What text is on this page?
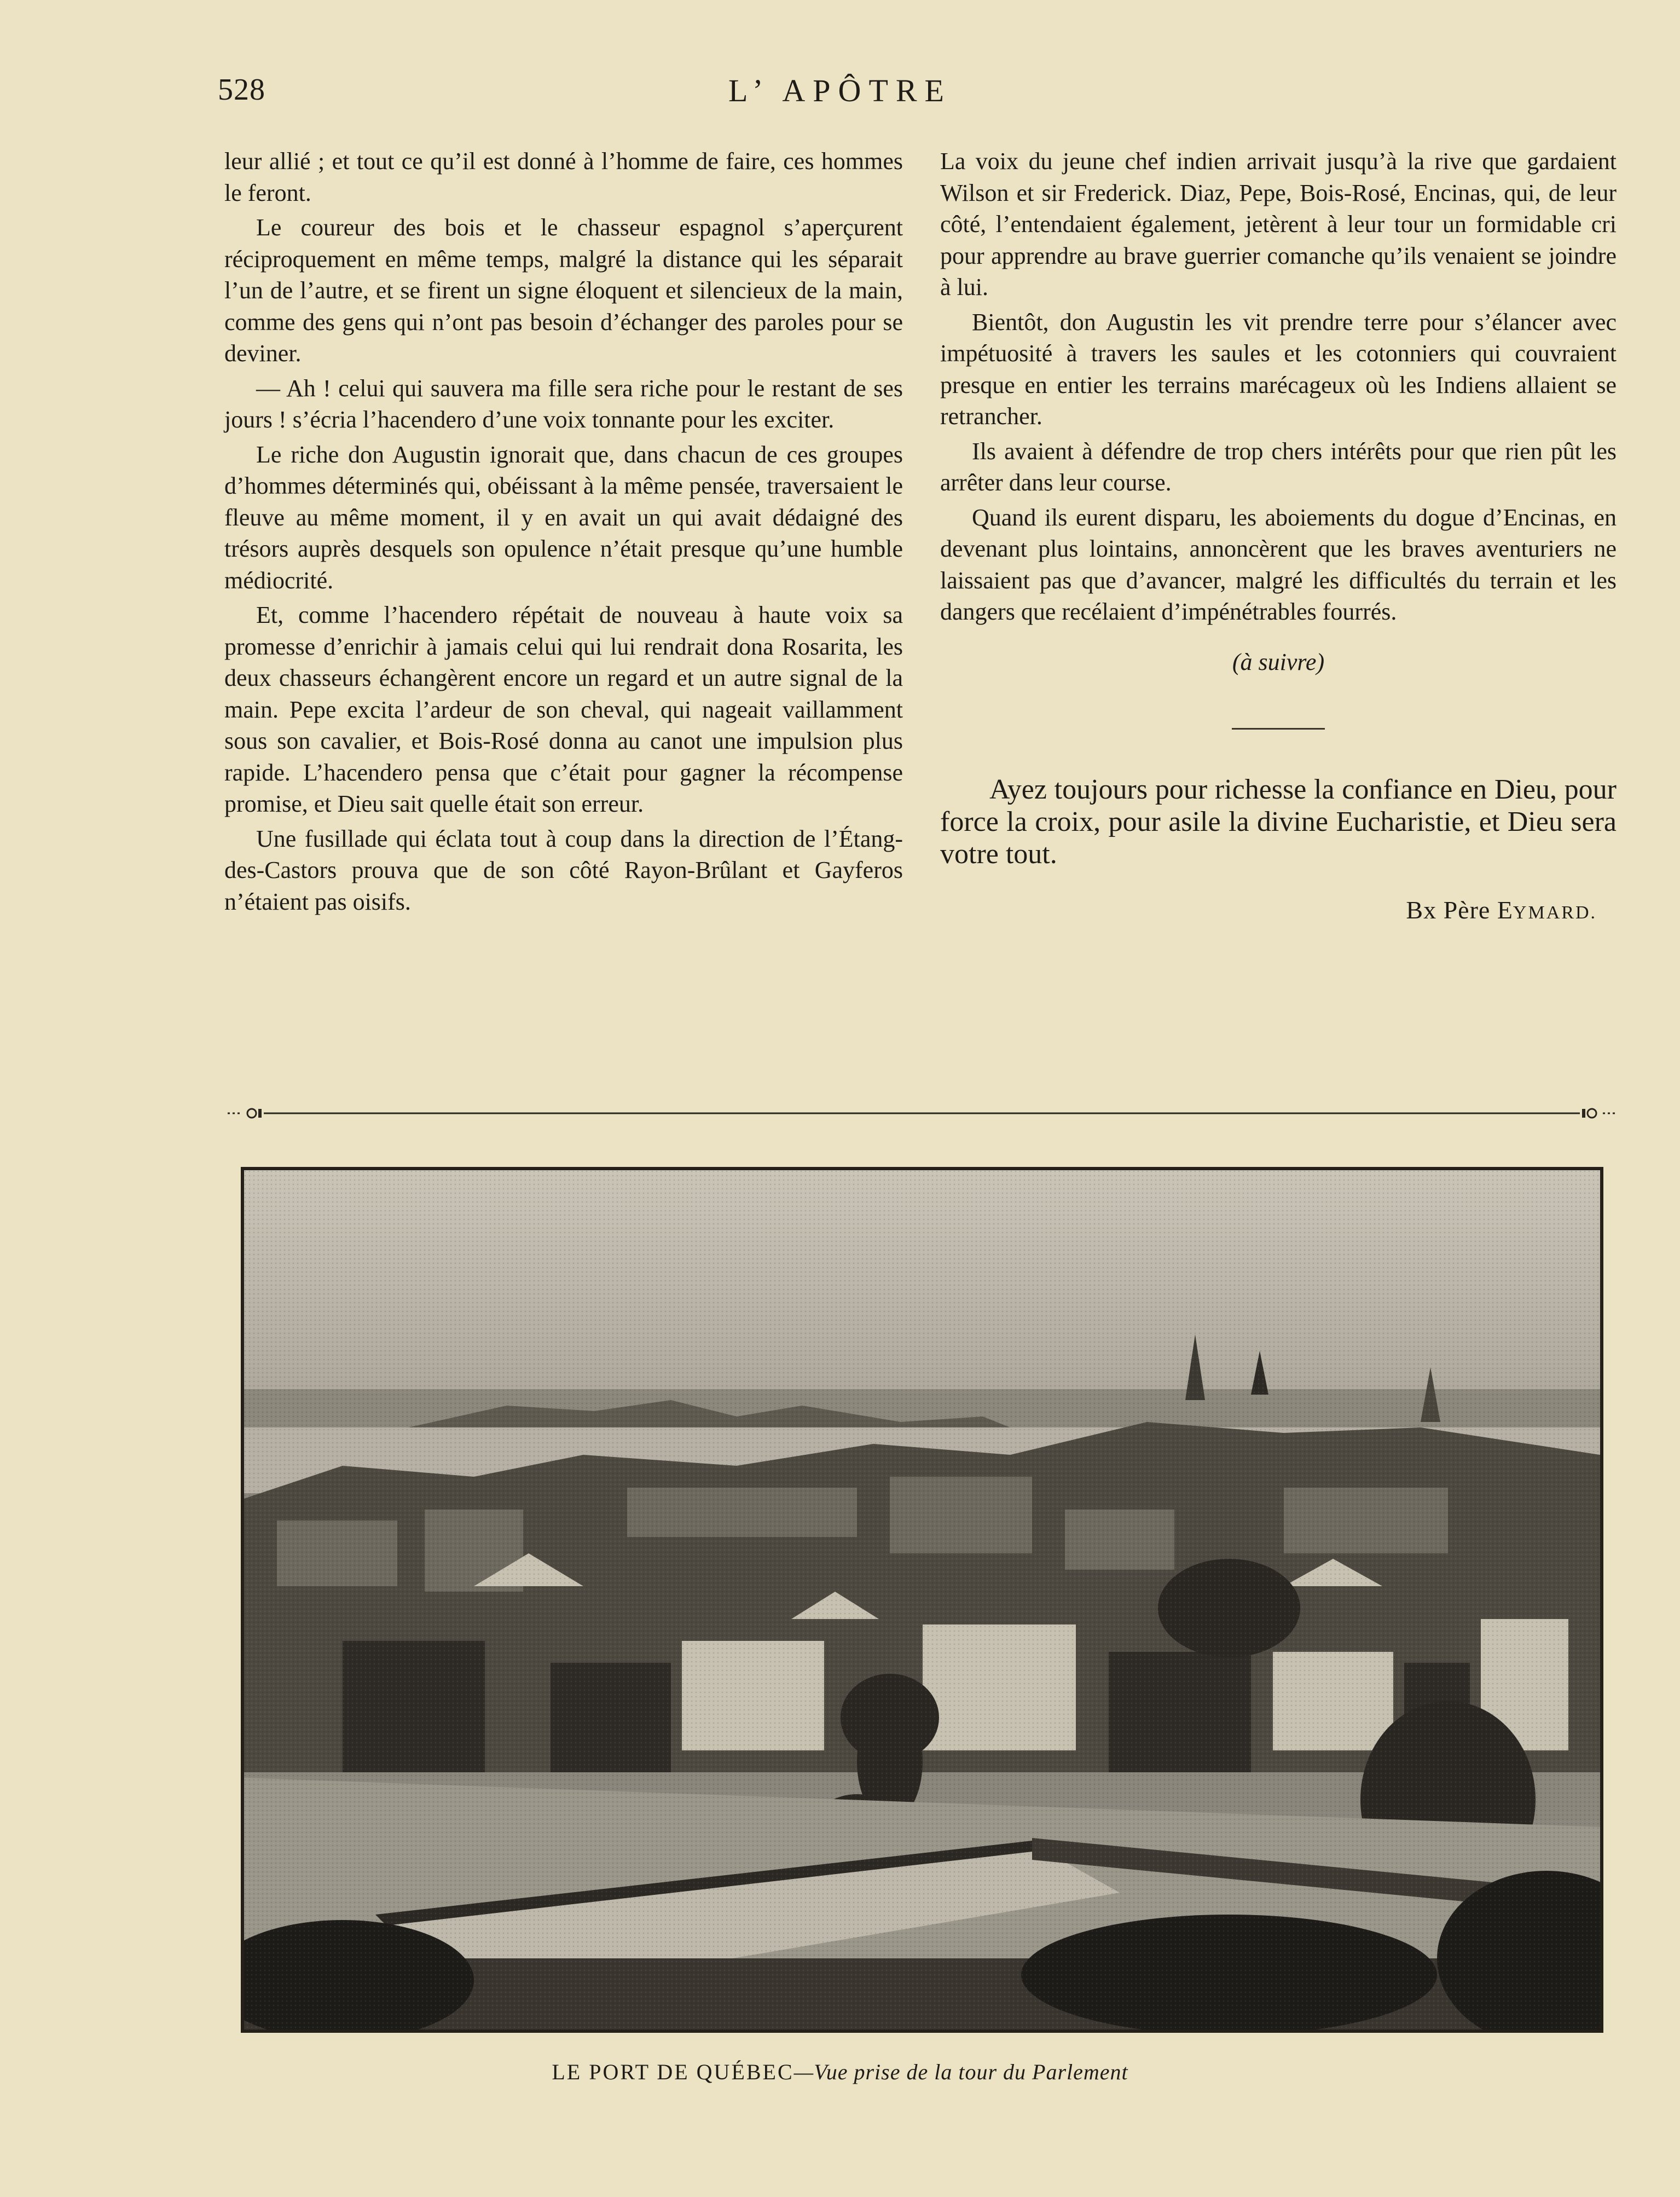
528	L’ APÔTRE

leur allié ; et tout ce qu’il est donné à l’homme de faire, ces hommes le feront.

Le coureur des bois et le chasseur espagnol s’aperçurent réciproquement en même temps, malgré la distance qui les séparait l’un de l’autre, et se firent un signe éloquent et silencieux de la main, comme des gens qui n’ont pas besoin d’échanger des paroles pour se deviner.

— Ah ! celui qui sauvera ma fille sera riche pour le restant de ses jours ! s’écria l’hacendero d’une voix tonnante pour les exciter.

Le riche don Augustin ignorait que, dans chacun de ces groupes d’hommes déterminés qui, obéissant à la même pensée, traversaient le fleuve au même moment, il y en avait un qui avait dédaigné des trésors auprès desquels son opulence n’était presque qu’une humble médiocrité.

Et, comme l’hacendero répétait de nouveau à haute voix sa promesse d’enrichir à jamais celui qui lui rendrait dona Rosarita, les deux chasseurs échangèrent encore un regard et un autre signal de la main. Pepe excita l’ardeur de son cheval, qui nageait vaillamment sous son cavalier, et Bois-Rosé donna au canot une impulsion plus rapide. L’hacendero pensa que c’était pour gagner la récompense promise, et Dieu sait quelle était son erreur.

Une fusillade qui éclata tout à coup dans la direction de l’Étang-des-Castors prouva que de son côté Rayon-Brûlant et Gayferos n’étaient pas oisifs.

La voix du jeune chef indien arrivait jusqu’à la rive que gardaient Wilson et sir Frederick. Diaz, Pepe, Bois-Rosé, Encinas, qui, de leur côté, l’entendaient également, jetèrent à leur tour un formidable cri pour apprendre au brave guerrier comanche qu’ils venaient se joindre à lui.

Bientôt, don Augustin les vit prendre terre pour s’élancer avec impétuosité à travers les saules et les cotonniers qui couvraient presque en entier les terrains marécageux où les Indiens allaient se retrancher.

Ils avaient à défendre de trop chers intérêts pour que rien pût les arrêter dans leur course.

Quand ils eurent disparu, les aboiements du dogue d’Encinas, en devenant plus lointains, annoncèrent que les braves aventuriers ne laissaient pas que d’avancer, malgré les difficultés du terrain et les dangers que recélaient d’impénétrables fourrés.

(à suivre)
Ayez toujours pour richesse la confiance en Dieu, pour force la croix, pour asile la divine Eucharistie, et Dieu sera votre tout.
Bx Père EYMARD.
LE PORT DE QUÉBEC—Vue prise de la tour du Parlement
